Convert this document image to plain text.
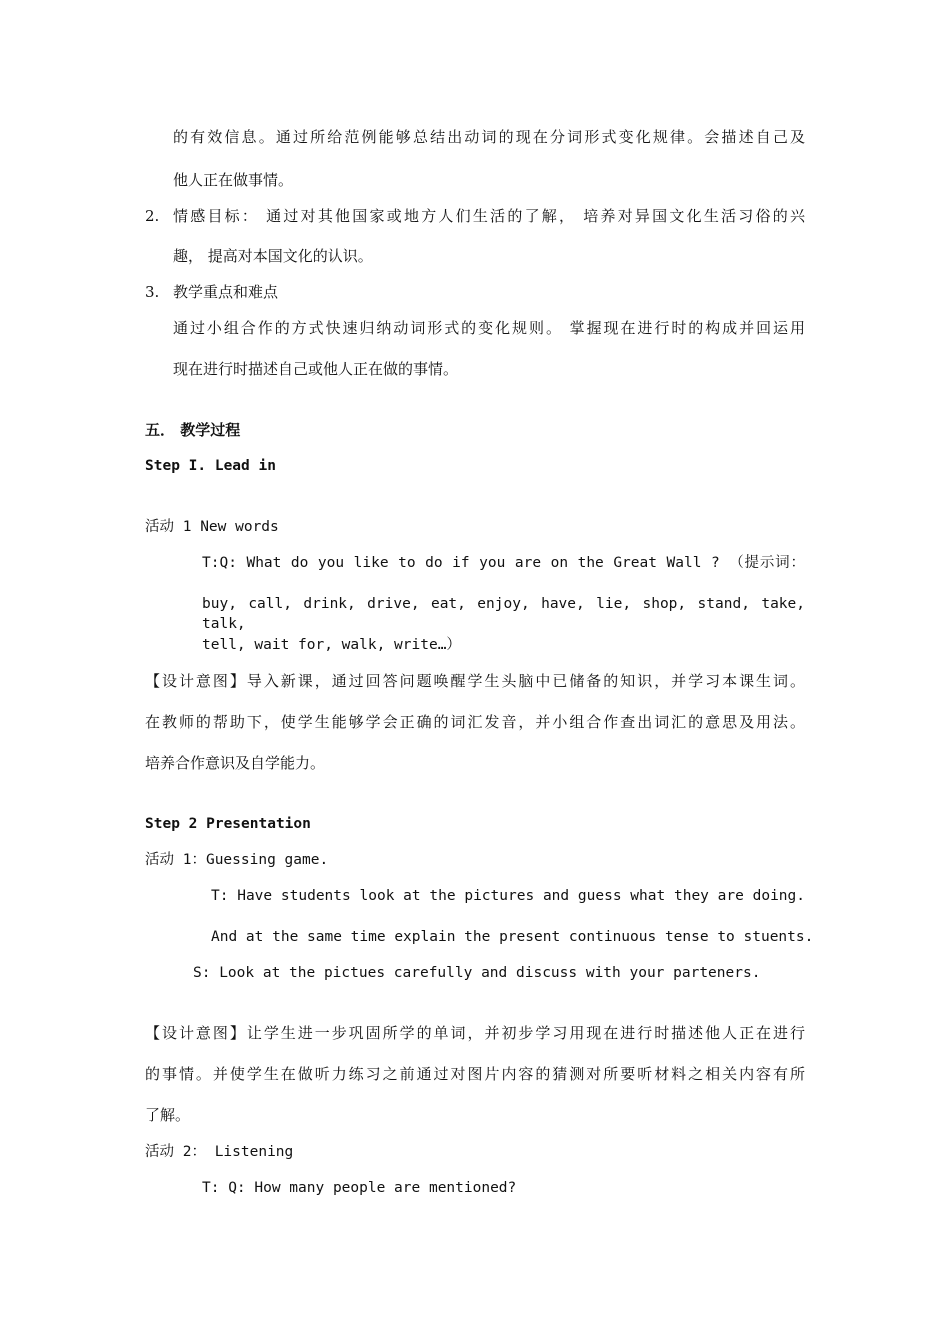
的有效信息。通过所给范例能够总结出动词的现在分词形式变化规律。会描述自己及
他人正在做事情。
2. 情感目标： 通过对其他国家或地方人们生活的了解， 培养对异国文化生活习俗的兴
趣， 提高对本国文化的认识。
3. 教学重点和难点
通过小组合作的方式快速归纳动词形式的变化规则。 掌握现在进行时的构成并回运用
现在进行时描述自己或他人正在做的事情。
五． 教学过程
Step I. Lead in
活动 1 New words
T:Q: What do you like to do if you are on the Great Wall ? （提示词：
buy, call, drink, drive, eat, enjoy, have, lie, shop, stand, take, talk,
tell, wait for, walk, write…）
【设计意图】导入新课，通过回答问题唤醒学生头脑中已储备的知识，并学习本课生词。
在教师的帮助下，使学生能够学会正确的词汇发音，并小组合作查出词汇的意思及用法。
培养合作意识及自学能力。
Step 2 Presentation
活动 1：Guessing game.
T: Have students look at the pictures and guess what they are doing.
And at the same time explain the present continuous tense to stuents.
S: Look at the pictues carefully and discuss with your parteners.
【设计意图】让学生进一步巩固所学的单词，并初步学习用现在进行时描述他人正在进行
的事情。并使学生在做听力练习之前通过对图片内容的猜测对所要听材料之相关内容有所
了解。
活动 2： Listening
T: Q: How many people are mentioned?
